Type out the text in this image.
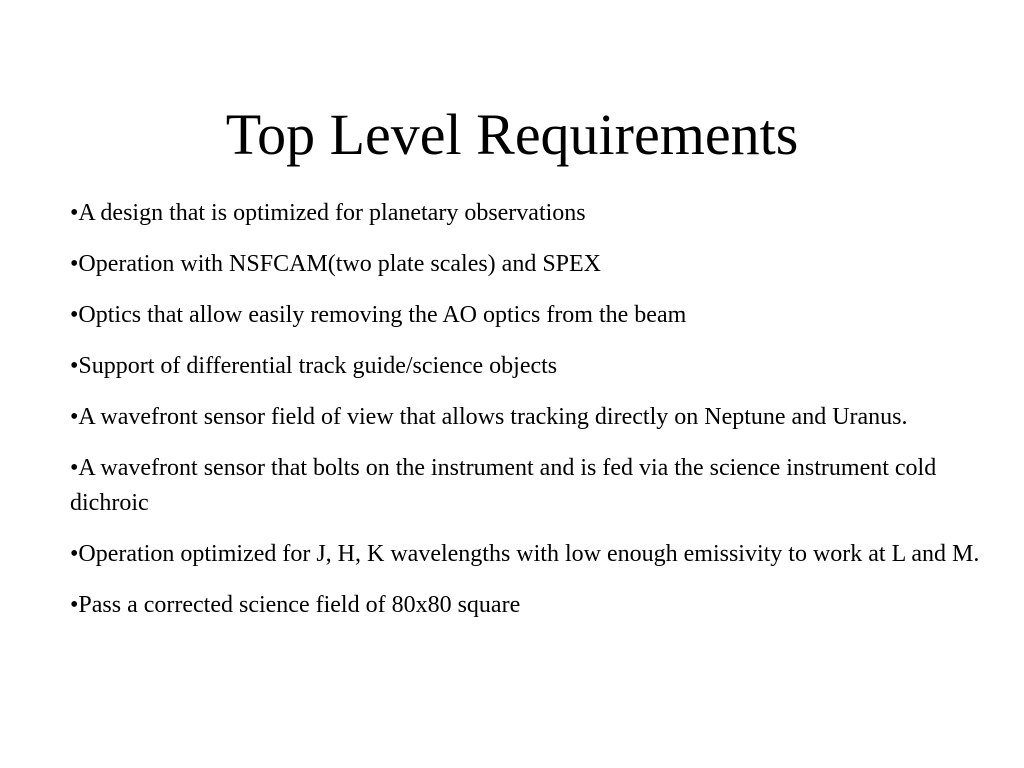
Top Level Requirements
•A design that is optimized for planetary observations
•Operation with NSFCAM(two plate scales) and SPEX
•Optics that allow easily removing the AO optics from the beam
•Support of differential track guide/science objects
•A wavefront sensor field of view that allows tracking directly on Neptune and Uranus.
•A wavefront sensor that bolts on the instrument and is fed via the science instrument cold dichroic
•Operation optimized for J, H, K wavelengths with low enough emissivity to work at L and M.
•Pass a corrected science field of 80x80 square
